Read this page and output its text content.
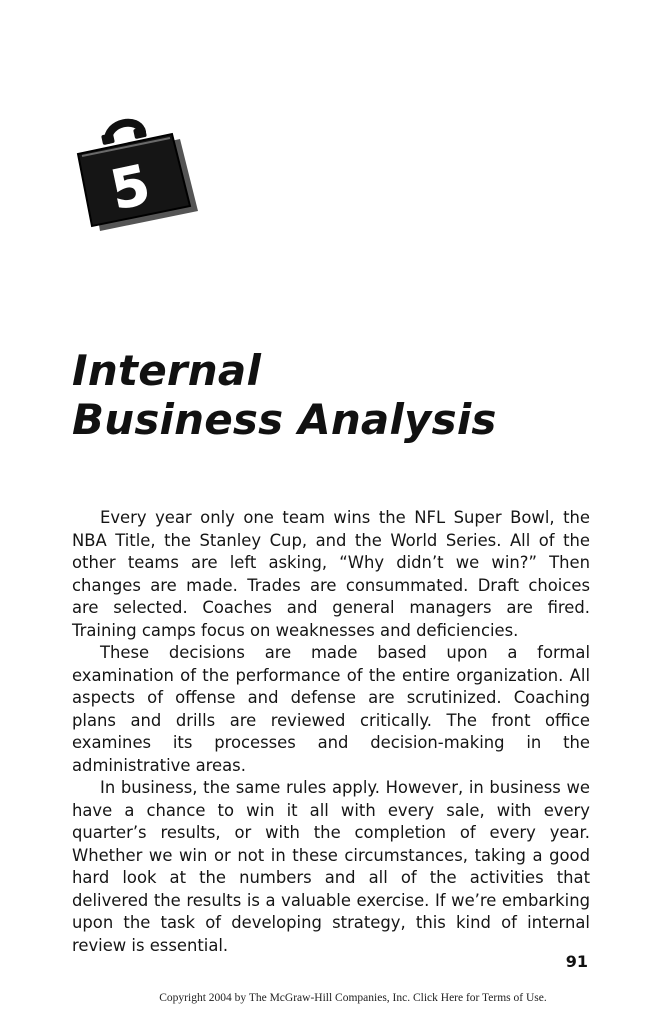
5
Internal
Business Analysis

Every year only one team wins the NFL Super Bowl, the NBA Title, the Stanley Cup, and the World Series. All of the other teams are left asking, “Why didn’t we win?” Then changes are made. Trades are consummated. Draft choices are selected. Coaches and general managers are fired. Training camps focus on weaknesses and deficiencies.

These decisions are made based upon a formal examination of the performance of the entire organization. All aspects of offense and defense are scrutinized. Coaching plans and drills are reviewed critically. The front office examines its processes and decision-making in the administrative areas.

In business, the same rules apply. However, in business we have a chance to win it all with every sale, with every quarter’s results, or with the completion of every year. Whether we win or not in these circumstances, taking a good hard look at the numbers and all of the activities that delivered the results is a valuable exercise. If we’re embarking upon the task of developing strategy, this kind of internal review is essential.

91
Copyright 2004 by The McGraw-Hill Companies, Inc. Click Here for Terms of Use.
